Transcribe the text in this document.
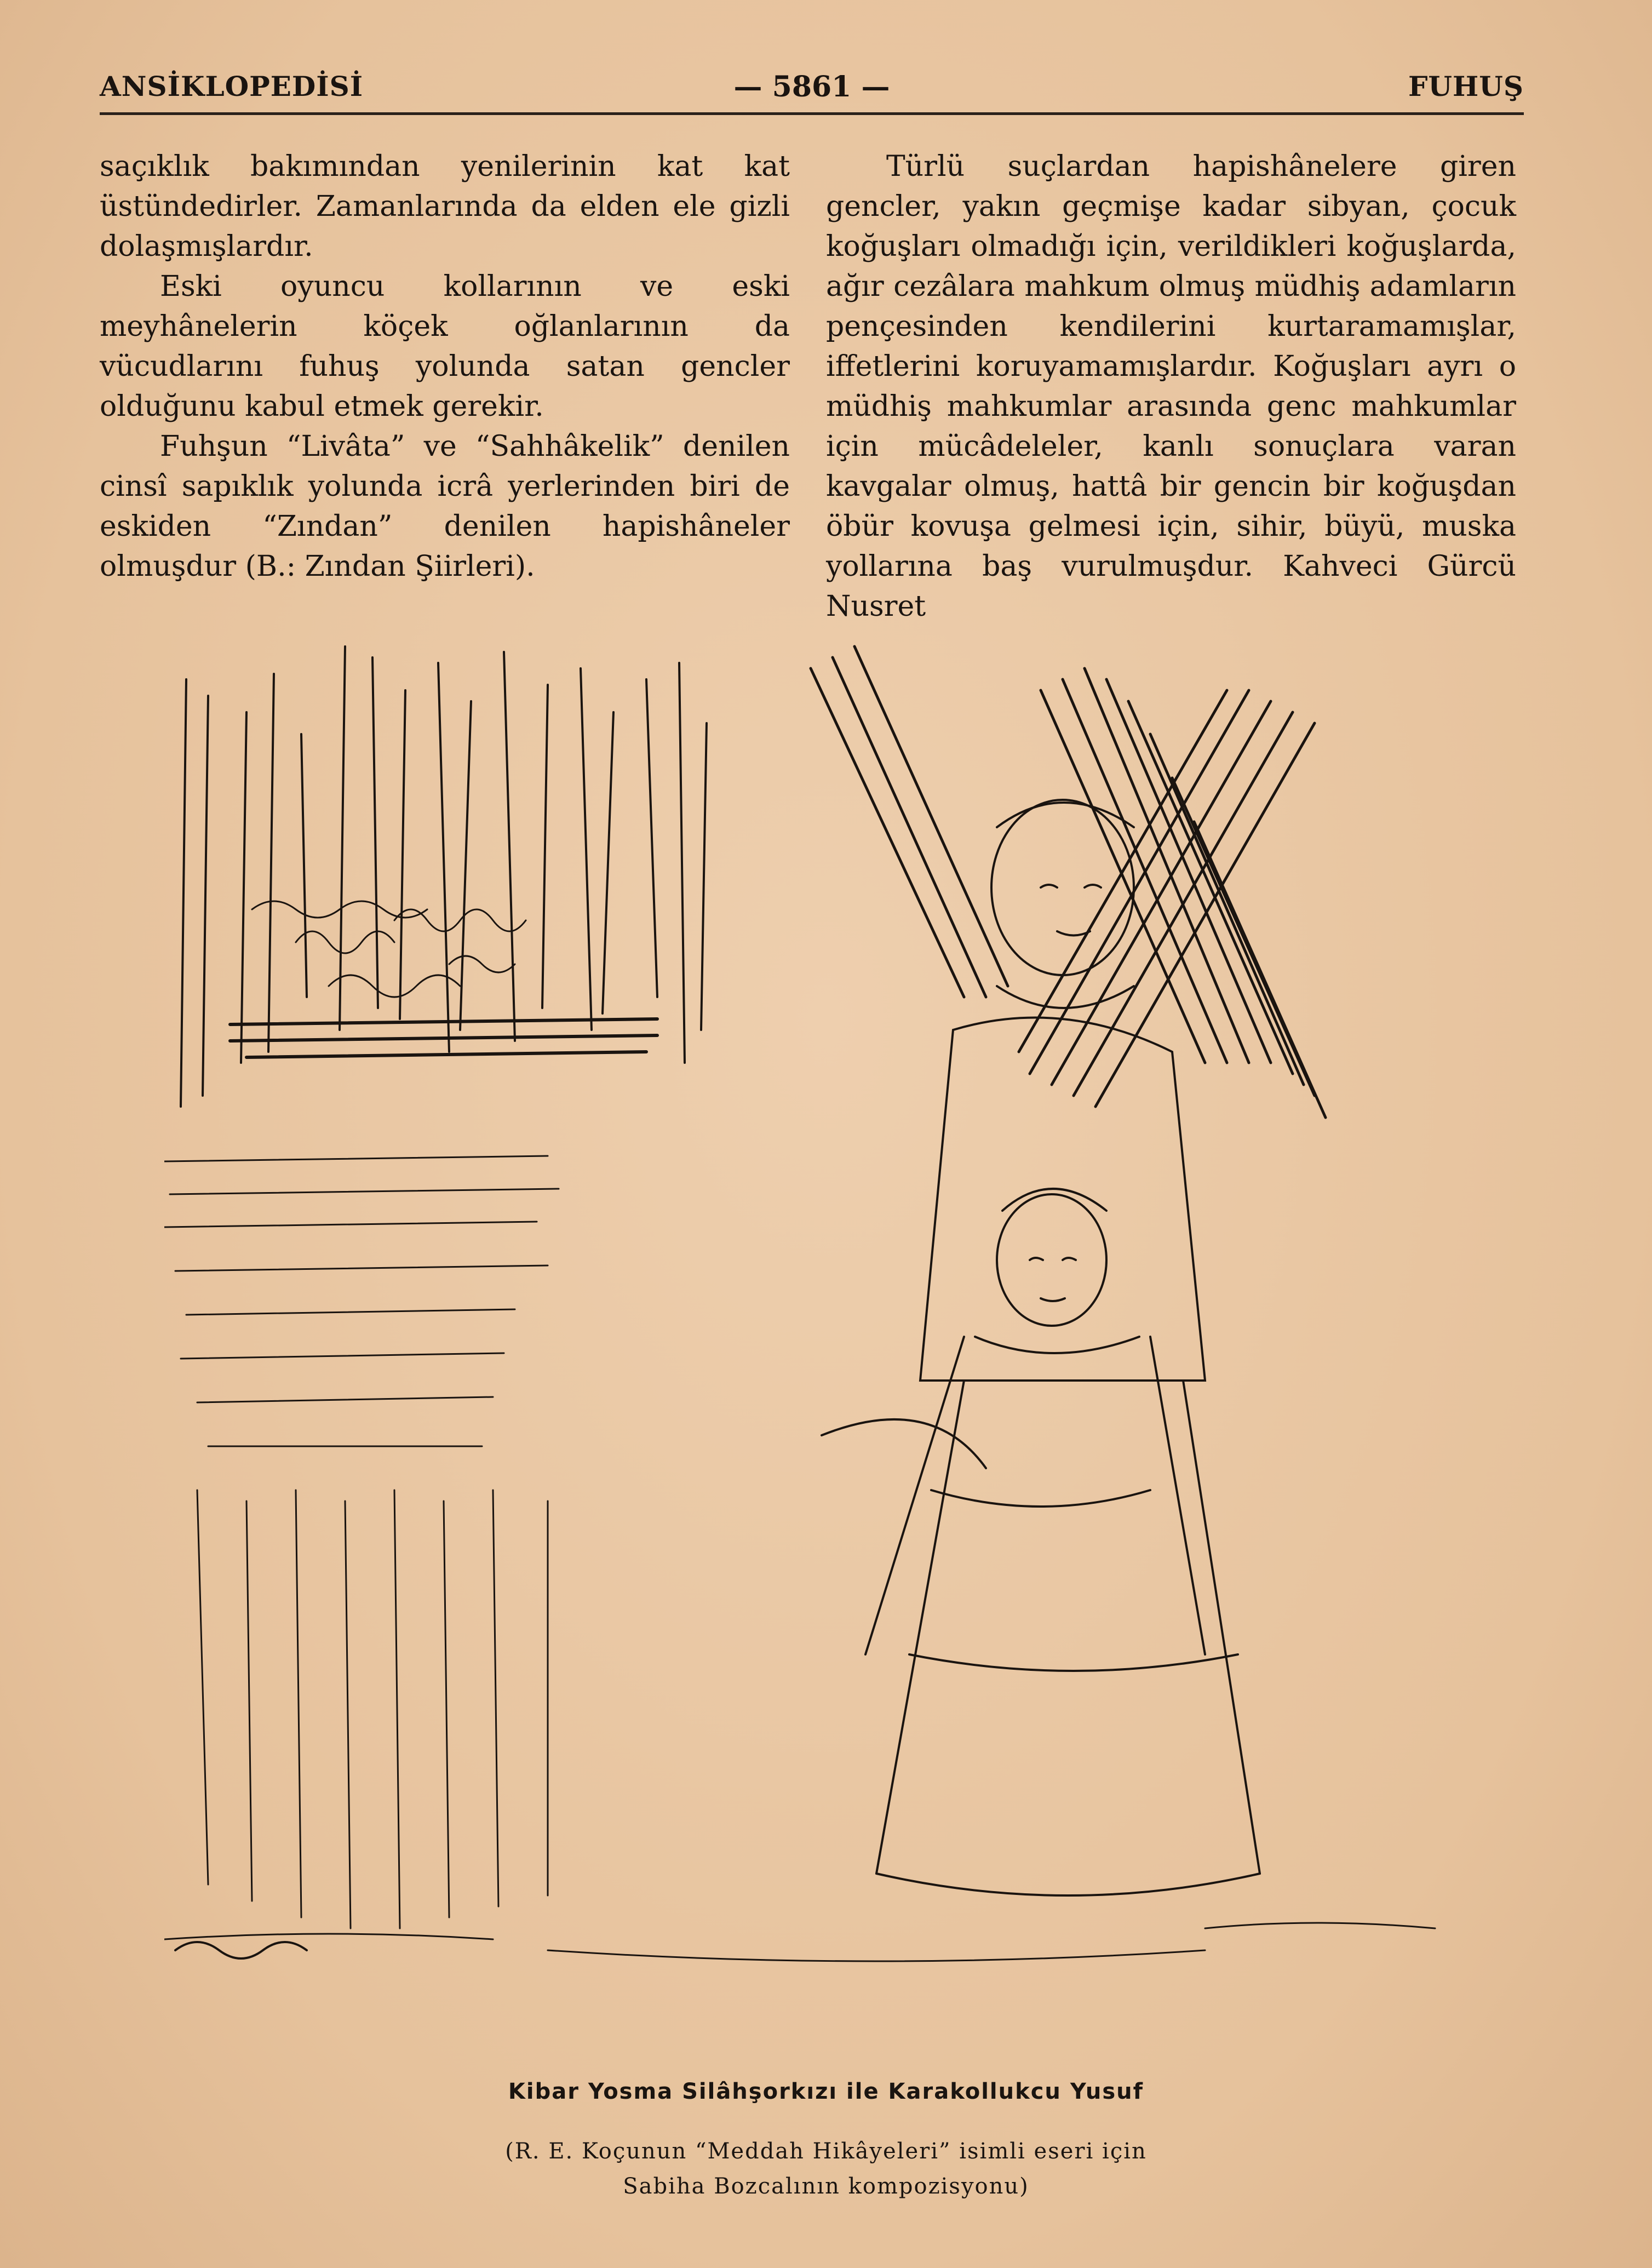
ANSİKLOPEDİSİ	— 5861 —	FUHUŞ

saçıklık bakımından yenilerinin kat kat üstündedirler. Zamanlarında da elden ele gizli dolaşmışlardır.

Eski oyuncu kollarının ve eski meyhânelerin köçek oğlanlarının da vücudlarını fuhuş yolunda satan gencler olduğunu kabul etmek gerekir.

Fuhşun “Livâta” ve “Sahhâkelik” denilen cinsî sapıklık yolunda icrâ yerlerinden biri de eskiden “Zından” denilen hapishâneler olmuşdur (B.: Zından Şiirleri).

Türlü suçlardan hapishânelere giren gencler, yakın geçmişe kadar sibyan, çocuk koğuşları olmadığı için, verildikleri koğuşlarda, ağır cezâlara mahkum olmuş müdhiş adamların pençesinden kendilerini kurtaramamışlar, iffetlerini koruyamamışlardır. Koğuşları ayrı o müdhiş mahkumlar arasında genc mahkumlar için mücâdeleler, kanlı sonuçlara varan kavgalar olmuş, hattâ bir gencin bir koğuşdan öbür kovuşa gelmesi için, sihir, büyü, muska yollarına baş vurulmuşdur. Kahveci Gürcü Nusret

Kibar Yosma Silâhşorkızı ile Karakollukcu Yusuf
(R. E. Koçunun “Meddah Hikâyeleri” isimli eseri için
Sabiha Bozcalının kompozisyonu)
